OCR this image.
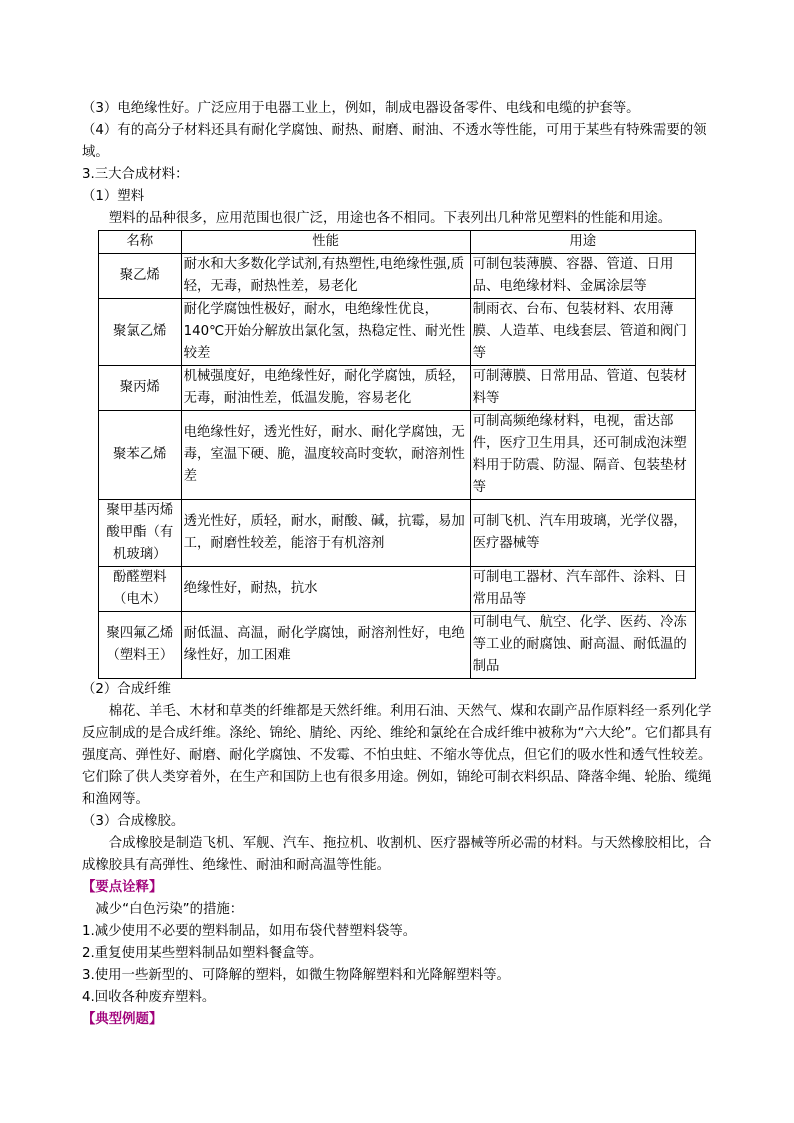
（3）电绝缘性好。广泛应用于电器工业上，例如，制成电器设备零件、电线和电缆的护套等。
（4）有的高分子材料还具有耐化学腐蚀、耐热、耐磨、耐油、不透水等性能，可用于某些有特殊需要的领域。
3.三大合成材料：
（1）塑料
塑料的品种很多，应用范围也很广泛，用途也各不相同。下表列出几种常见塑料的性能和用途。
名称	性能	用途
聚乙烯	耐水和大多数化学试剂,有热塑性,电绝缘性强,质轻，无毒，耐热性差，易老化	可制包装薄膜、容器、管道、日用品、电绝缘材料、金属涂层等
聚氯乙烯	耐化学腐蚀性极好，耐水，电绝缘性优良，140℃开始分解放出氯化氢，热稳定性、耐光性较差	制雨衣、台布、包装材料、农用薄膜、人造革、电线套层、管道和阀门等
聚丙烯	机械强度好，电绝缘性好，耐化学腐蚀，质轻，无毒，耐油性差，低温发脆，容易老化	可制薄膜、日常用品、管道、包装材料等
聚苯乙烯	电绝缘性好，透光性好，耐水、耐化学腐蚀，无毒，室温下硬、脆，温度较高时变软，耐溶剂性差	可制高频绝缘材料，电视，雷达部件，医疗卫生用具，还可制成泡沫塑料用于防震、防湿、隔音、包装垫材等
聚甲基丙烯酸甲酯（有机玻璃）	透光性好，质轻，耐水，耐酸、碱，抗霉，易加工，耐磨性较差，能溶于有机溶剂	可制飞机、汽车用玻璃，光学仪器，医疗器械等
酚醛塑料（电木）	绝缘性好，耐热，抗水	可制电工器材、汽车部件、涂料、日常用品等
聚四氟乙烯（塑料王）	耐低温、高温，耐化学腐蚀，耐溶剂性好，电绝缘性好，加工困难	可制电气、航空、化学、医药、冷冻等工业的耐腐蚀、耐高温、耐低温的制品
（2）合成纤维
棉花、羊毛、木材和草类的纤维都是天然纤维。利用石油、天然气、煤和农副产品作原料经一系列化学反应制成的是合成纤维。涤纶、锦纶、腈纶、丙纶、维纶和氯纶在合成纤维中被称为“六大纶”。它们都具有强度高、弹性好、耐磨、耐化学腐蚀、不发霉、不怕虫蛀、不缩水等优点，但它们的吸水性和透气性较差。它们除了供人类穿着外，在生产和国防上也有很多用途。例如，锦纶可制衣料织品、降落伞绳、轮胎、缆绳和渔网等。
（3）合成橡胶。
合成橡胶是制造飞机、军舰、汽车、拖拉机、收割机、医疗器械等所必需的材料。与天然橡胶相比，合成橡胶具有高弹性、绝缘性、耐油和耐高温等性能。
【要点诠释】
减少“白色污染”的措施：
1.减少使用不必要的塑料制品，如用布袋代替塑料袋等。
2.重复使用某些塑料制品如塑料餐盒等。
3.使用一些新型的、可降解的塑料，如微生物降解塑料和光降解塑料等。
4.回收各种废弃塑料。
【典型例题】
